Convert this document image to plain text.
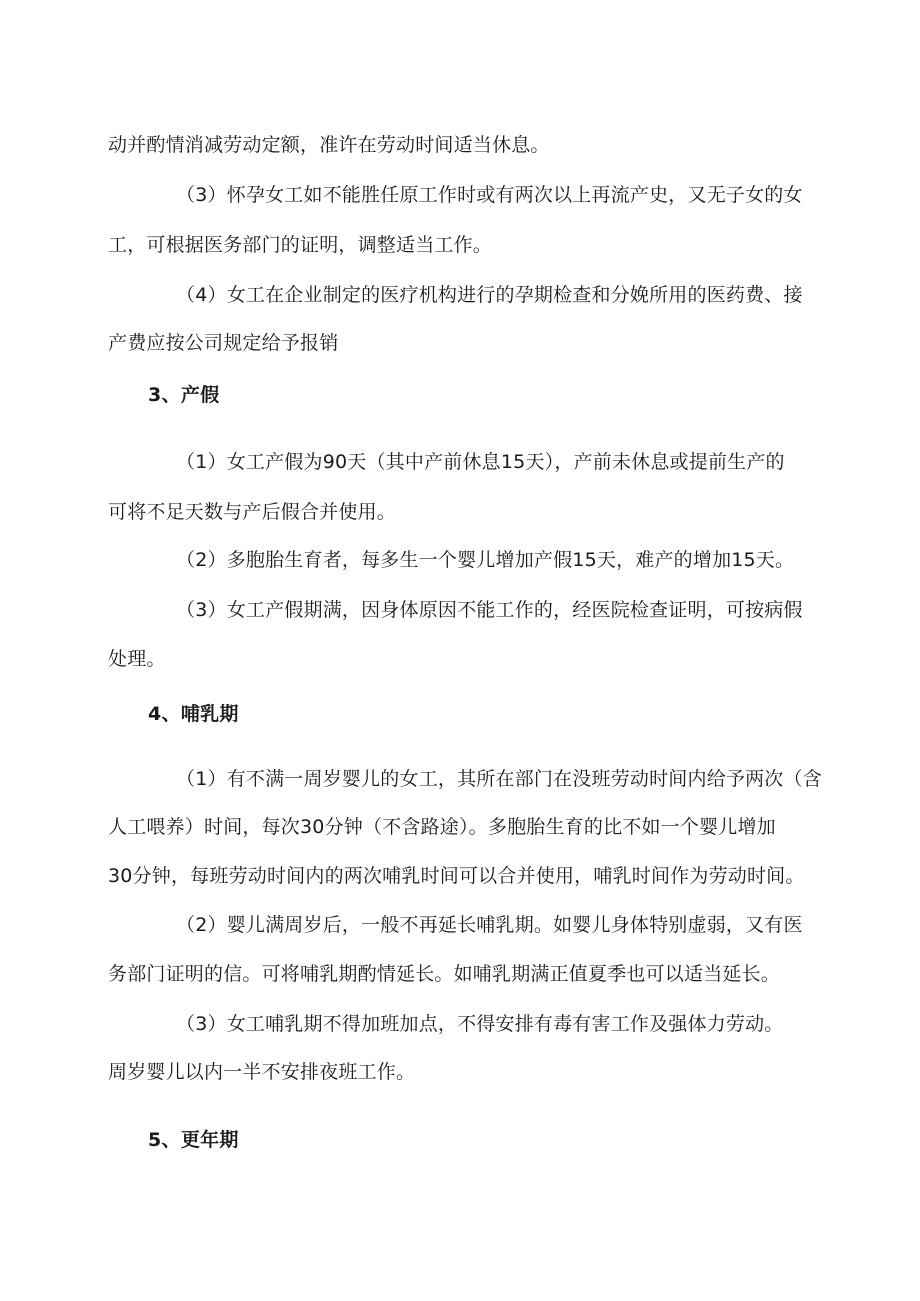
动并酌情消减劳动定额，准许在劳动时间适当休息。
（3）怀孕女工如不能胜任原工作时或有两次以上再流产史，又无子女的女
工，可根据医务部门的证明，调整适当工作。
（4）女工在企业制定的医疗机构进行的孕期检查和分娩所用的医药费、接
产费应按公司规定给予报销
3、产假
（1）女工产假为90天（其中产前休息15天），产前未休息或提前生产的
可将不足天数与产后假合并使用。
（2）多胞胎生育者，每多生一个婴儿增加产假15天，难产的增加15天。
（3）女工产假期满，因身体原因不能工作的，经医院检查证明，可按病假
处理。
4、哺乳期
（1）有不满一周岁婴儿的女工，其所在部门在没班劳动时间内给予两次（含
人工喂养）时间，每次30分钟（不含路途）。多胞胎生育的比不如一个婴儿增加
30分钟，每班劳动时间内的两次哺乳时间可以合并使用，哺乳时间作为劳动时间。
（2）婴儿满周岁后，一般不再延长哺乳期。如婴儿身体特别虚弱，又有医
务部门证明的信。可将哺乳期酌情延长。如哺乳期满正值夏季也可以适当延长。
（3）女工哺乳期不得加班加点，不得安排有毒有害工作及强体力劳动。
周岁婴儿以内一半不安排夜班工作。
5、更年期
